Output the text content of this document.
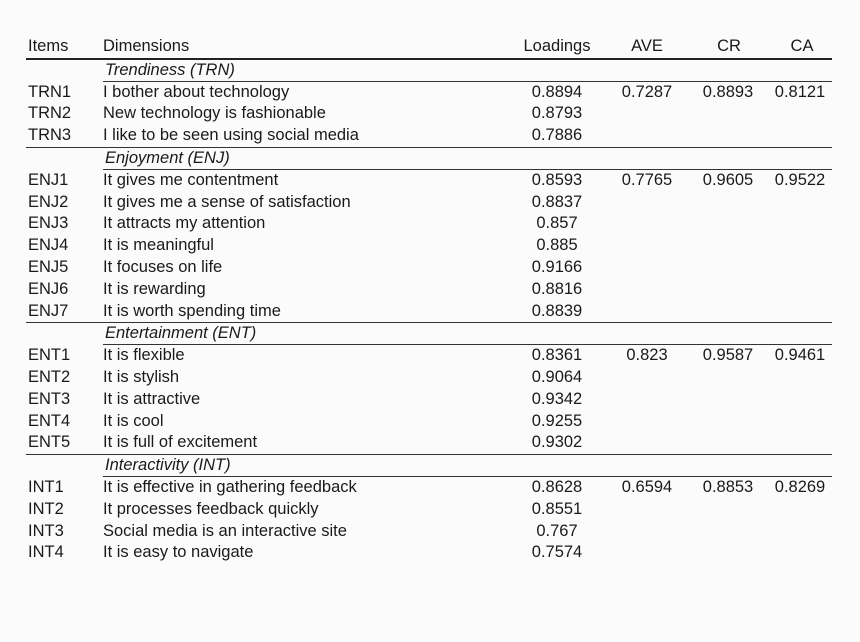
Items Dimensions	Loadings	AVE	CR	CA
Trendiness (TRN)
TRN1 I bother about technology	0.8894	0.7287	0.8893	0.8121
TRN2 New technology is fashionable	0.8793
TRN3 I like to be seen using social media	0.7886
Enjoyment (ENJ)
ENJ1 It gives me contentment	0.8593	0.7765	0.9605	0.9522
ENJ2 It gives me a sense of satisfaction	0.8837
ENJ3 It attracts my attention	0.857
ENJ4 It is meaningful	0.885
ENJ5 It focuses on life	0.9166
ENJ6 It is rewarding	0.8816
ENJ7 It is worth spending time	0.8839
Entertainment (ENT)
ENT1 It is flexible	0.8361	0.823	0.9587	0.9461
ENT2 It is stylish	0.9064
ENT3 It is attractive	0.9342
ENT4 It is cool	0.9255
ENT5 It is full of excitement	0.9302
Interactivity (INT)
INT1 It is effective in gathering feedback	0.8628	0.6594	0.8853	0.8269
INT2 It processes feedback quickly	0.8551
INT3 Social media is an interactive site	0.767
INT4 It is easy to navigate	0.7574
